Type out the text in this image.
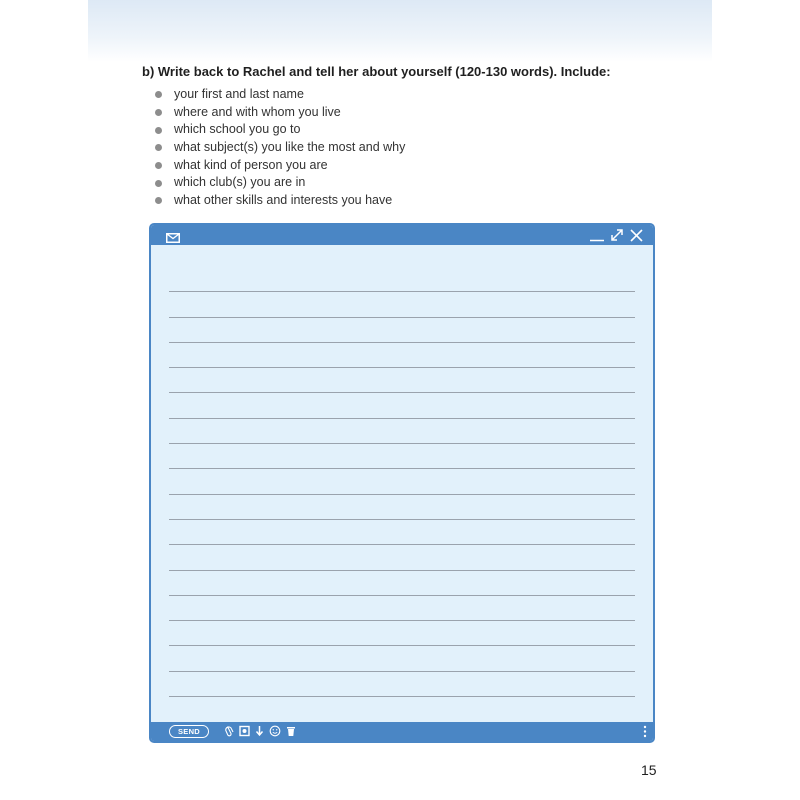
b) Write back to Rachel and tell her about yourself (120-130 words). Include:
your first and last name
where and with whom you live
which school you go to
what subject(s) you like the most and why
what kind of person you are
which club(s) you are in
what other skills and interests you have
SEND
15
